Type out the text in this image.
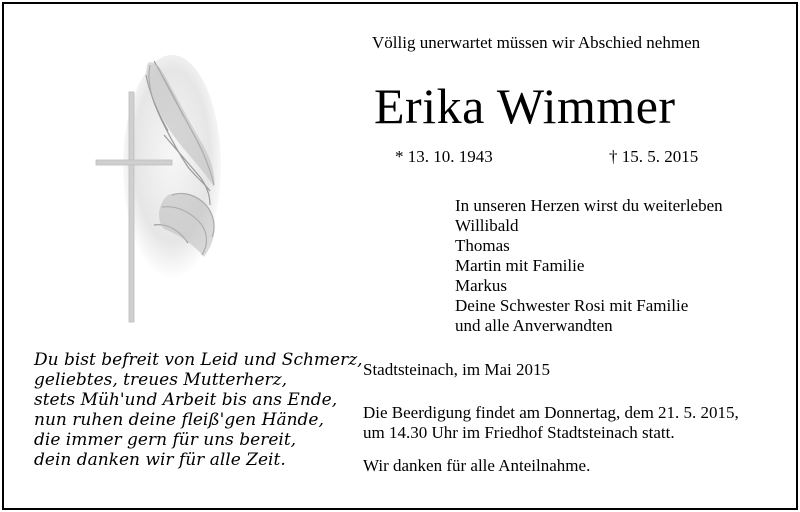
Völlig unerwartet müssen wir Abschied nehmen
Erika Wimmer
* 13. 10. 1943	† 15. 5. 2015
In unseren Herzen wirst du weiterleben
Willibald
Thomas
Martin mit Familie
Markus
Deine Schwester Rosi mit Familie
und alle Anverwandten
Du bist befreit von Leid und Schmerz,
geliebtes, treues Mutterherz,
stets Müh'und Arbeit bis ans Ende,
nun ruhen deine fleiß'gen Hände,
die immer gern für uns bereit,
dein danken wir für alle Zeit.
Stadtsteinach, im Mai 2015
Die Beerdigung findet am Donnertag, dem 21. 5. 2015,
um 14.30 Uhr im Friedhof Stadtsteinach statt.
Wir danken für alle Anteilnahme.
